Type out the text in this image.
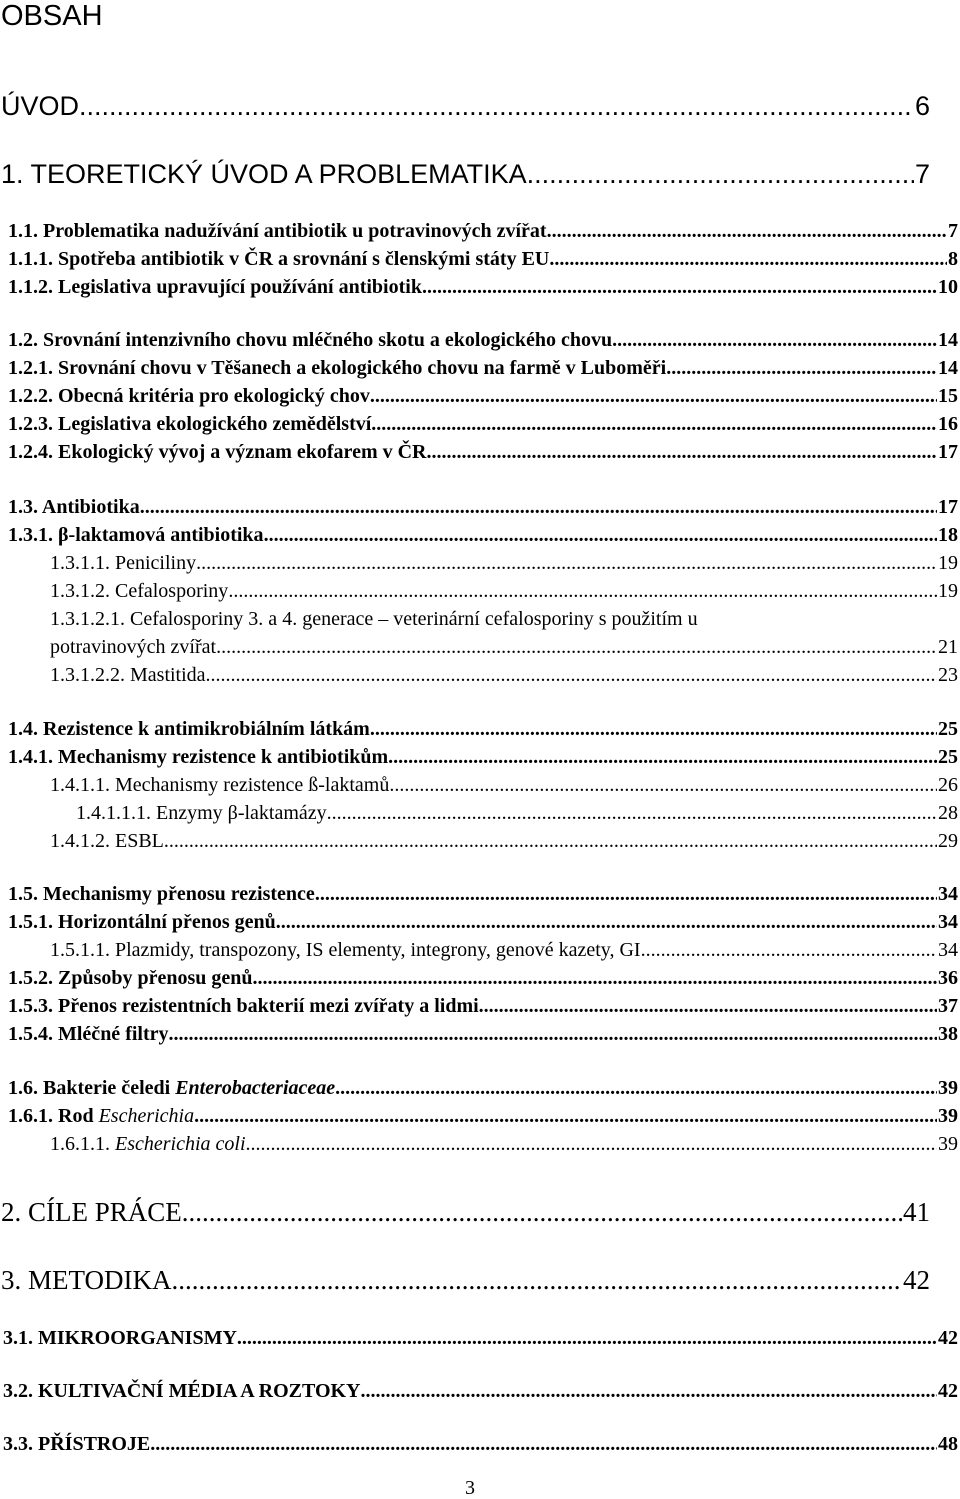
OBSAH
ÚVOD .....	6
1. TEORETICKÝ ÚVOD A PROBLEMATIKA .....	7
1.1. Problematika nadužívání antibiotik u potravinových zvířat .....	7
1.1.1. Spotřeba antibiotik v ČR a srovnání s členskými státy EU .....	8
1.1.2. Legislativa upravující používání antibiotik .....	10
1.2. Srovnání intenzivního chovu mléčného skotu a ekologického chovu .....	14
1.2.1. Srovnání chovu v Těšanech a ekologického chovu na farmě v Luboměři .....	14
1.2.2. Obecná kritéria pro ekologický chov .....	15
1.2.3. Legislativa ekologického zemědělství .....	16
1.2.4. Ekologický vývoj a význam ekofarem v ČR .....	17
1.3. Antibiotika .....	17
1.3.1. β-laktamová antibiotika .....	18
1.3.1.1. Peniciliny .....	19
1.3.1.2. Cefalosporiny .....	19
1.3.1.2.1. Cefalosporiny 3. a 4. generace – veterinární cefalosporiny s použitím u
potravinových zvířat .....	21
1.3.1.2.2. Mastitida .....	23
1.4. Rezistence k antimikrobiálním látkám .....	25
1.4.1. Mechanismy rezistence k antibiotikům .....	25
1.4.1.1. Mechanismy rezistence ß-laktamů .....	26
1.4.1.1.1. Enzymy β-laktamázy .....	28
1.4.1.2. ESBL .....	29
1.5. Mechanismy přenosu rezistence .....	34
1.5.1. Horizontální přenos genů .....	34
1.5.1.1. Plazmidy, transpozony, IS elementy, integrony, genové kazety, GI .....	34
1.5.2. Způsoby přenosu genů .....	36
1.5.3. Přenos rezistentních bakterií mezi zvířaty a lidmi .....	37
1.5.4. Mléčné filtry .....	38
1.6. Bakterie čeledi Enterobacteriaceae .....	39
1.6.1. Rod Escherichia .....	39
1.6.1.1. Escherichia coli .....	39
2. CÍLE PRÁCE .....	41
3. METODIKA .....	42
3.1. MIKROORGANISMY .....	42
3.2. KULTIVAČNÍ MÉDIA A ROZTOKY .....	42
3.3. PŘÍSTROJE .....	48
3
